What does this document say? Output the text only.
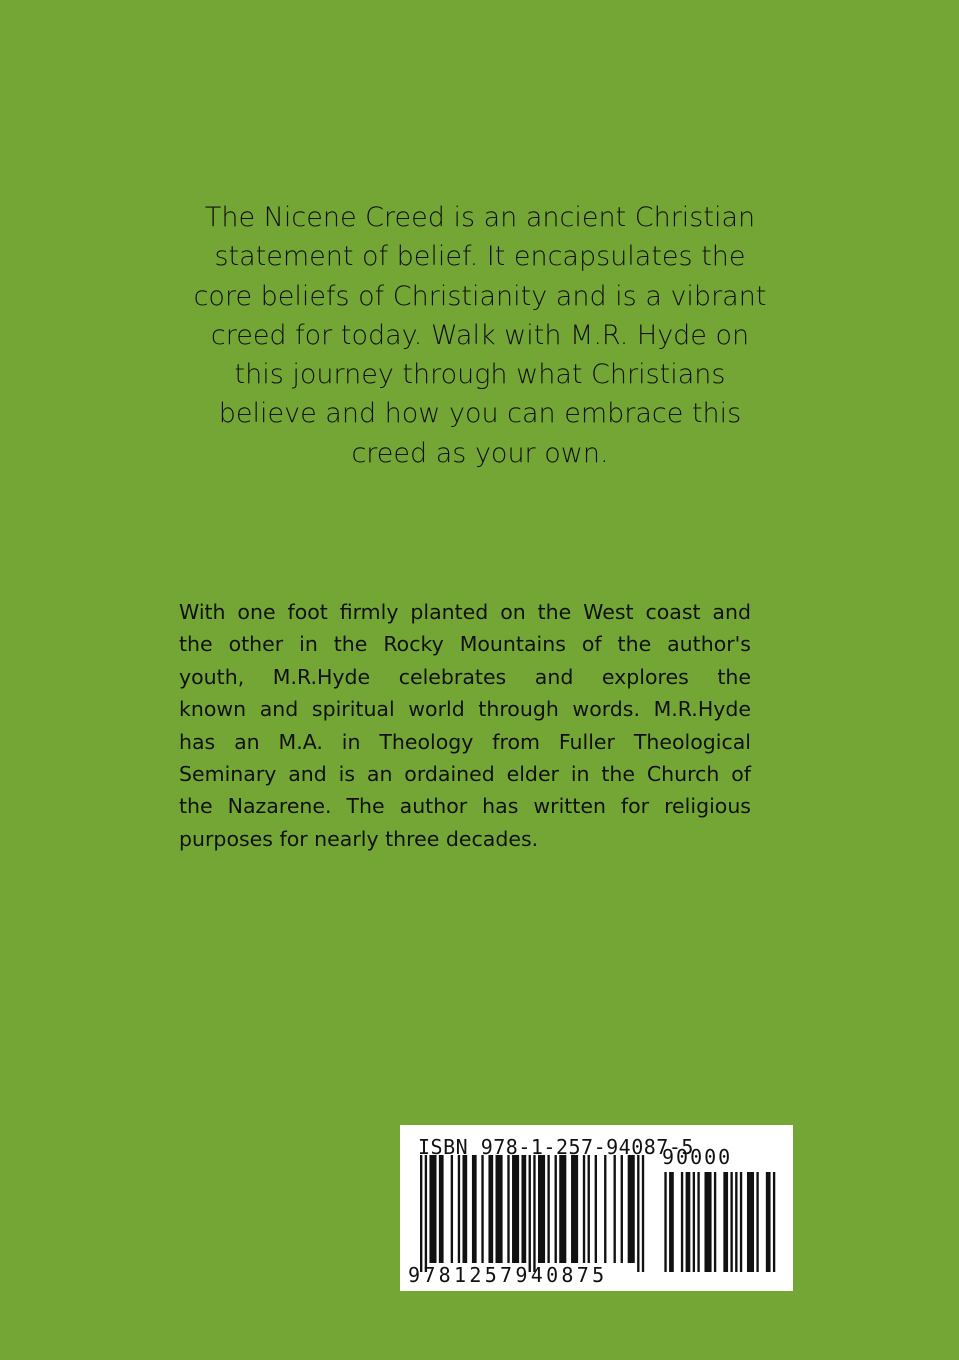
The Nicene Creed is an ancient Christian
statement of belief. It encapsulates the
core beliefs of Christianity and is a vibrant
creed for today. Walk with M.R. Hyde on
this journey through what Christians
believe and how you can embrace this
creed as your own.

With one foot firmly planted on the West coast and
the other in the Rocky Mountains of the author's
youth, M.R.Hyde celebrates and explores the
known and spiritual world through words. M.R.Hyde
has an M.A. in Theology from Fuller Theological
Seminary and is an ordained elder in the Church of
the Nazarene. The author has written for religious
purposes for nearly three decades.

ISBN 978-1-257-94087-5
90000
9781257940875
